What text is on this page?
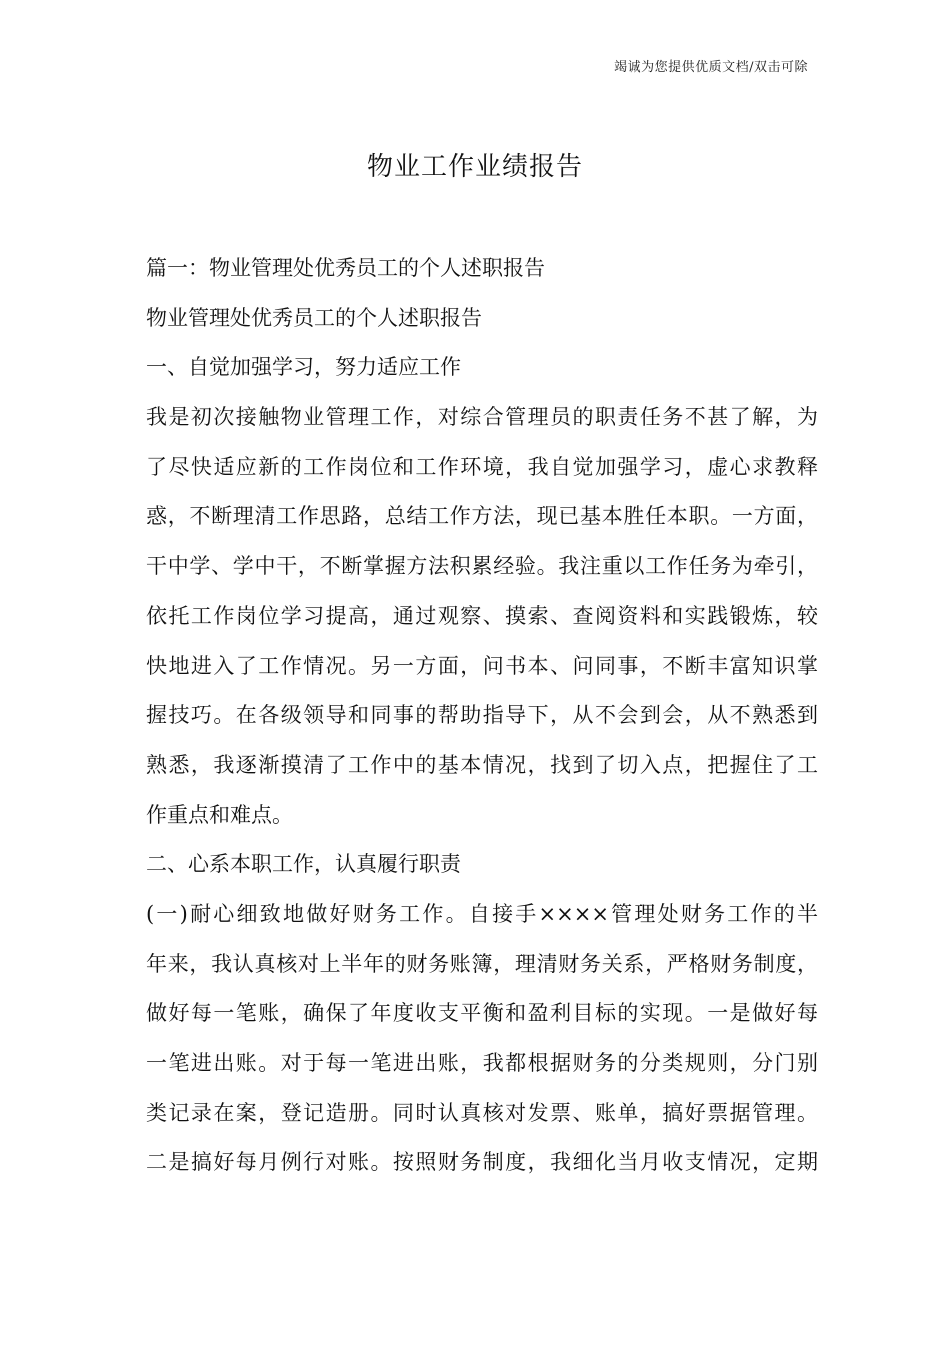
竭诚为您提供优质文档/双击可除
物业工作业绩报告
篇一：物业管理处优秀员工的个人述职报告
物业管理处优秀员工的个人述职报告
一、自觉加强学习，努力适应工作
我是初次接触物业管理工作，对综合管理员的职责任务不甚了解，为
了尽快适应新的工作岗位和工作环境，我自觉加强学习，虚心求教释
惑，不断理清工作思路，总结工作方法，现已基本胜任本职。一方面，
干中学、学中干，不断掌握方法积累经验。我注重以工作任务为牵引，
依托工作岗位学习提高，通过观察、摸索、查阅资料和实践锻炼，较
快地进入了工作情况。另一方面，问书本、问同事，不断丰富知识掌
握技巧。在各级领导和同事的帮助指导下，从不会到会，从不熟悉到
熟悉，我逐渐摸清了工作中的基本情况，找到了切入点，把握住了工
作重点和难点。
二、心系本职工作，认真履行职责
(一)耐心细致地做好财务工作。自接手××××管理处财务工作的半
年来，我认真核对上半年的财务账簿，理清财务关系，严格财务制度，
做好每一笔账，确保了年度收支平衡和盈利目标的实现。一是做好每
一笔进出账。对于每一笔进出账，我都根据财务的分类规则，分门别
类记录在案，登记造册。同时认真核对发票、账单，搞好票据管理。
二是搞好每月例行对账。按照财务制度，我细化当月收支情况，定期
